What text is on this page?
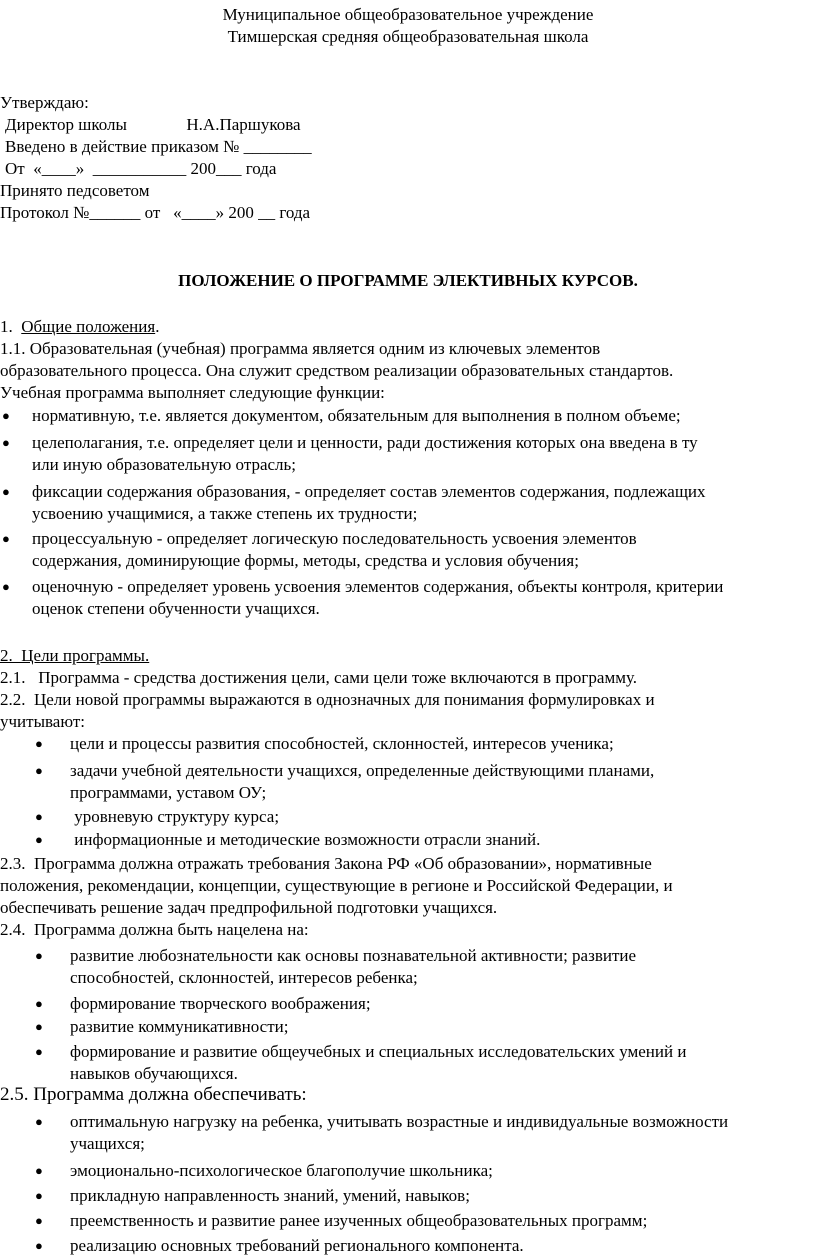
Муниципальное общеобразовательное учреждение
Тимшерская средняя общеобразовательная школа
Утверждаю:
Директор школы              Н.А.Паршукова
Введено в действие приказом № ________
От  «____»  ___________ 200___ года
Принято педсоветом
Протокол №______ от   «____» 200 __ года
ПОЛОЖЕНИЕ О ПРОГРАММЕ ЭЛЕКТИВНЫХ КУРСОВ.
1.  Общие положения.
1.1. Образовательная (учебная) программа является одним из ключевых элементов
образовательного процесса. Она служит средством реализации образовательных стандартов.
Учебная программа выполняет следующие функции:
● нормативную, т.е. является документом, обязательным для выполнения в полном объеме;
● целеполагания, т.е. определяет цели и ценности, ради достижения которых она введена в ту
или иную образовательную отрасль;
● фиксации содержания образования, - определяет состав элементов содержания, подлежащих
усвоению учащимися, а также степень их трудности;
● процессуальную - определяет логическую последовательность усвоения элементов
содержания, доминирующие формы, методы, средства и условия обучения;
● оценочную - определяет уровень усвоения элементов содержания, объекты контроля, критерии
оценок степени обученности учащихся.
2.  Цели программы.
2.1.   Программа - средства достижения цели, сами цели тоже включаются в программу.
2.2.  Цели новой программы выражаются в однозначных для понимания формулировках и
учитывают:
● цели и процессы развития способностей, склонностей, интересов ученика;
● задачи учебной деятельности учащихся, определенные действующими планами,
программами, уставом ОУ;
● уровневую структуру курса;
● информационные и методические возможности отрасли знаний.
2.3.  Программа должна отражать требования Закона РФ «Об образовании», нормативные
положения, рекомендации, концепции, существующие в регионе и Российской Федерации, и
обеспечивать решение задач предпрофильной подготовки учащихся.
2.4.  Программа должна быть нацелена на:
● развитие любознательности как основы познавательной активности; развитие
способностей, склонностей, интересов ребенка;
● формирование творческого воображения;
● развитие коммуникативности;
● формирование и развитие общеучебных и специальных исследовательских умений и
навыков обучающихся.
2.5. Программа должна обеспечивать:
● оптимальную нагрузку на ребенка, учитывать возрастные и индивидуальные возможности
учащихся;
● эмоционально-психологическое благополучие школьника;
● прикладную направленность знаний, умений, навыков;
● преемственность и развитие ранее изученных общеобразовательных программ;
● реализацию основных требований регионального компонента.
